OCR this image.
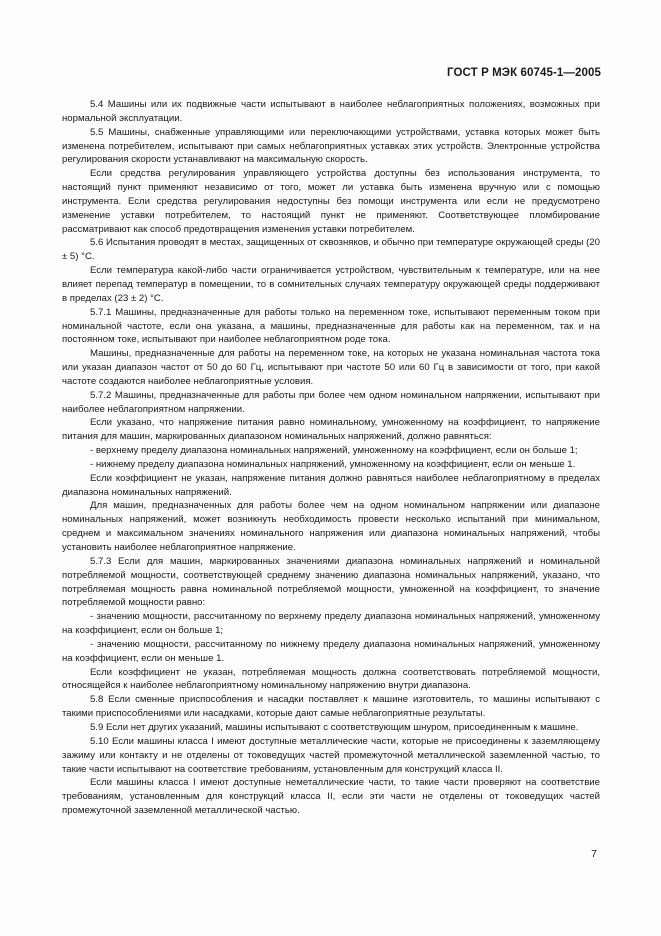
ГОСТ Р МЭК 60745-1—2005

5.4 Машины или их подвижные части испытывают в наиболее неблагоприятных положениях, возможных при нормальной эксплуатации.

5.5 Машины, снабженные управляющими или переключающими устройствами, уставка которых может быть изменена потребителем, испытывают при самых неблагоприятных уставках этих устройств. Электронные устройства регулирования скорости устанавливают на максимальную скорость.

Если средства регулирования управляющего устройства доступны без использования инструмента, то настоящий пункт применяют независимо от того, может ли уставка быть изменена вручную или с помощью инструмента. Если средства регулирования недоступны без помощи инструмента или если не предусмотрено изменение уставки потребителем, то настоящий пункт не применяют. Соответствующее пломбирование рассматривают как способ предотвращения изменения уставки потребителем.

5.6 Испытания проводят в местах, защищенных от сквозняков, и обычно при температуре окружающей среды (20 ± 5) °С.

Если температура какой-либо части ограничивается устройством, чувствительным к температуре, или на нее влияет перепад температур в помещении, то в сомнительных случаях температуру окружающей среды поддерживают в пределах (23 ± 2) °С.

5.7.1 Машины, предназначенные для работы только на переменном токе, испытывают переменным током при номинальной частоте, если она указана, а машины, предназначенные для работы как на переменном, так и на постоянном токе, испытывают при наиболее неблагоприятном роде тока.

Машины, предназначенные для работы на переменном токе, на которых не указана номинальная частота тока или указан диапазон частот от 50 до 60 Гц, испытывают при частоте 50 или 60 Гц в зависимости от того, при какой частоте создаются наиболее неблагоприятные условия.

5.7.2 Машины, предназначенные для работы при более чем одном номинальном напряжении, испытывают при наиболее неблагоприятном напряжении.

Если указано, что напряжение питания равно номинальному, умноженному на коэффициент, то напряжение питания для машин, маркированных диапазоном номинальных напряжений, должно равняться:

- верхнему пределу диапазона номинальных напряжений, умноженному на коэффициент, если он больше 1;

- нижнему пределу диапазона номинальных напряжений, умноженному на коэффициент, если он меньше 1.

Если коэффициент не указан, напряжение питания должно равняться наиболее неблагоприятному в пределах диапазона номинальных напряжений.

Для машин, предназначенных для работы более чем на одном номинальном напряжении или диапазоне номинальных напряжений, может возникнуть необходимость провести несколько испытаний при минимальном, среднем и максимальном значениях номинального напряжения или диапазона номинальных напряжений, чтобы установить наиболее неблагоприятное напряжение.

5.7.3 Если для машин, маркированных значениями диапазона номинальных напряжений и номинальной потребляемой мощности, соответствующей среднему значению диапазона номинальных напряжений, указано, что потребляемая мощность равна номинальной потребляемой мощности, умноженной на коэффициент, то значение потребляемой мощности равно:

- значению мощности, рассчитанному по верхнему пределу диапазона номинальных напряжений, умноженному на коэффициент, если он больше 1;

- значению мощности, рассчитанному по нижнему пределу диапазона номинальных напряжений, умноженному на коэффициент, если он меньше 1.

Если коэффициент не указан, потребляемая мощность должна соответствовать потребляемой мощности, относящейся к наиболее неблагоприятному номинальному напряжению внутри диапазона.

5.8 Если сменные приспособления и насадки поставляет к машине изготовитель, то машины испытывают с такими приспособлениями или насадками, которые дают самые неблагоприятные результаты.

5.9 Если нет других указаний, машины испытывают с соответствующим шнуром, присоединенным к машине.

5.10 Если машины класса I имеют доступные металлические части, которые не присоединены к заземляющему зажиму или контакту и не отделены от токоведущих частей промежуточной металлической заземленной частью, то такие части испытывают на соответствие требованиям, установленным для конструкций класса II.

Если машины класса I имеют доступные неметаллические части, то такие части проверяют на соответствие требованиям, установленным для конструкций класса II, если эти части не отделены от токоведущих частей промежуточной заземленной металлической частью.

7
